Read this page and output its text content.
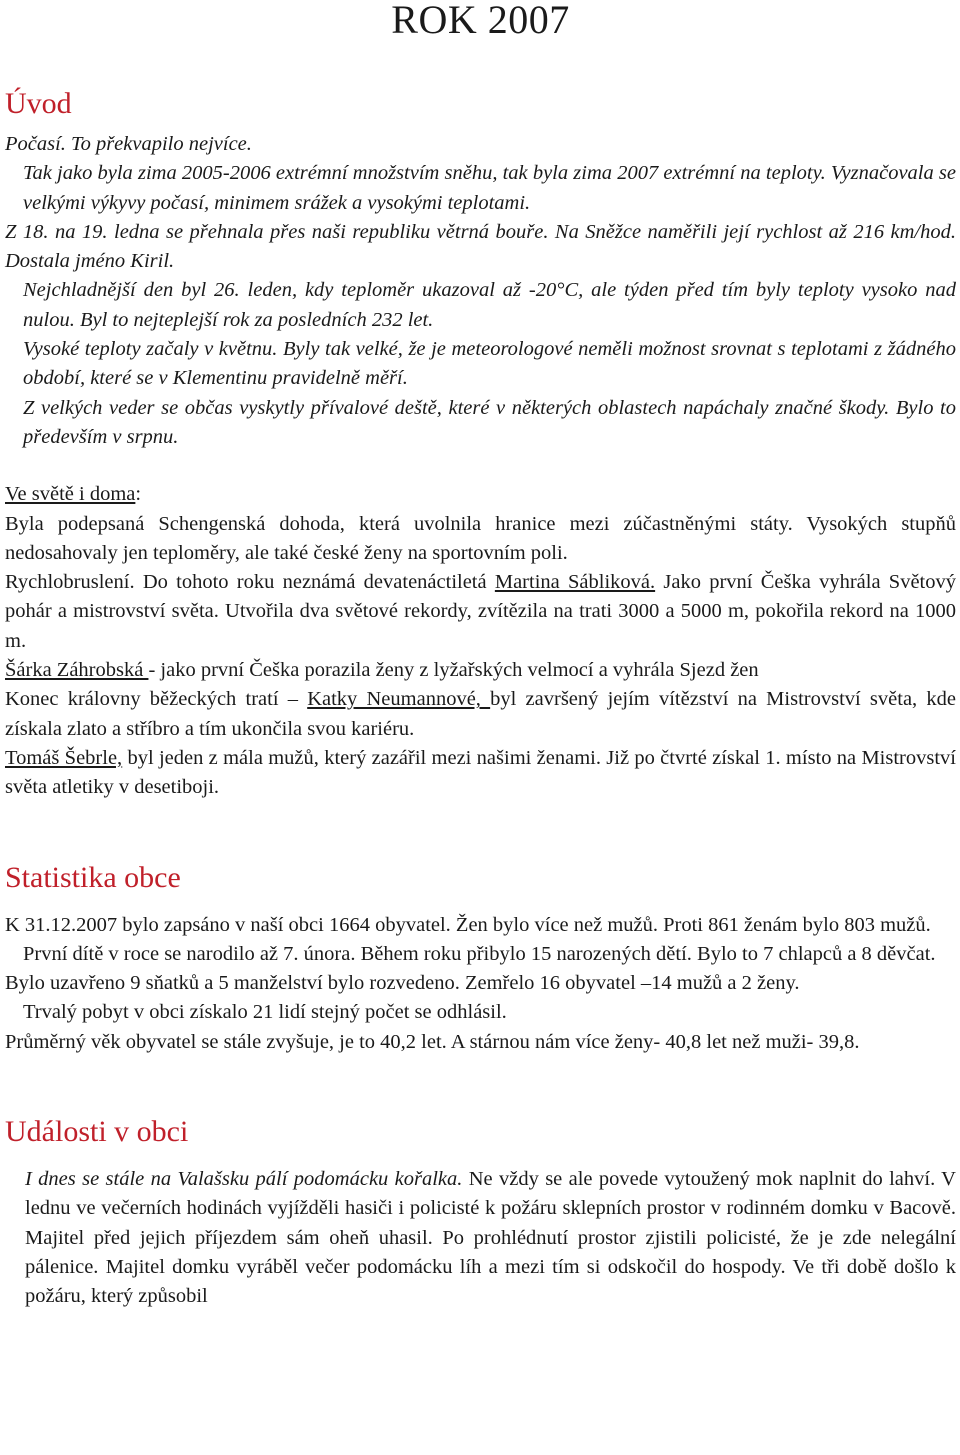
ROK 2007
Úvod

Počasí. To překvapilo nejvíce.

Tak jako byla zima 2005-2006 extrémní množstvím sněhu, tak byla zima 2007 extrémní na teploty. Vyznačovala se velkými výkyvy počasí, minimem srážek a vysokými teplotami.

Z 18. na 19. ledna se přehnala přes naši republiku větrná bouře. Na Sněžce naměřili její rychlost až 216 km/hod. Dostala jméno Kiril.

Nejchladnější den byl 26. leden, kdy teploměr ukazoval až -20°C, ale týden před tím byly teploty vysoko nad nulou. Byl to nejteplejší rok za posledních 232 let.

Vysoké teploty začaly v květnu. Byly tak velké, že je meteorologové neměli možnost srovnat s teplotami z žádného období, které se v Klementinu pravidelně měří.

Z velkých veder se občas vyskytly přívalové deště, které v některých oblastech napáchaly značné škody. Bylo to především v srpnu.

Ve světě i doma:

Byla podepsaná Schengenská dohoda, která uvolnila hranice mezi zúčastněnými státy. Vysokých stupňů nedosahovaly jen teploměry, ale také české ženy na sportovním poli.

Rychlobruslení. Do tohoto roku neznámá devatenáctiletá Martina Sábliková. Jako první Češka vyhrála Světový pohár a mistrovství světa. Utvořila dva světové rekordy, zvítězila na trati 3000 a 5000 m, pokořila rekord na 1000 m.

Šárka Záhrobská - jako první Češka porazila ženy z lyžařských velmocí a vyhrála Sjezd žen

Konec královny běžeckých tratí – Katky Neumannové, byl završený jejím vítězství na Mistrovství světa, kde získala zlato a stříbro a tím ukončila svou kariéru.

Tomáš Šebrle, byl jeden z mála mužů, který zazářil mezi našimi ženami. Již po čtvrté získal 1. místo na Mistrovství světa atletiky v desetiboji.

Statistika obce

K 31.12.2007 bylo zapsáno v naší obci 1664 obyvatel. Žen bylo více než mužů. Proti 861 ženám bylo 803 mužů.

První dítě v roce se narodilo až 7. února. Během roku přibylo 15 narozených dětí. Bylo to 7 chlapců a 8 děvčat.

Bylo uzavřeno 9 sňatků a 5 manželství bylo rozvedeno. Zemřelo 16 obyvatel –14 mužů a 2 ženy.

Trvalý pobyt v obci získalo 21 lidí stejný počet se odhlásil.

Průměrný věk obyvatel se stále zvyšuje, je to 40,2 let. A stárnou nám více ženy- 40,8 let než muži- 39,8.

Události v obci

I dnes se stále na Valašsku pálí podomácku kořalka. Ne vždy se ale povede vytoužený mok naplnit do lahví. V lednu ve večerních hodinách vyjížděli hasiči i policisté k požáru sklepních prostor v rodinném domku v Bacově. Majitel před jejich příjezdem sám oheň uhasil. Po prohlédnutí prostor zjistili policisté, že je zde nelegální pálenice. Majitel domku vyráběl večer podomácku líh a mezi tím si odskočil do hospody. Ve tři době došlo k požáru, který způsobil
